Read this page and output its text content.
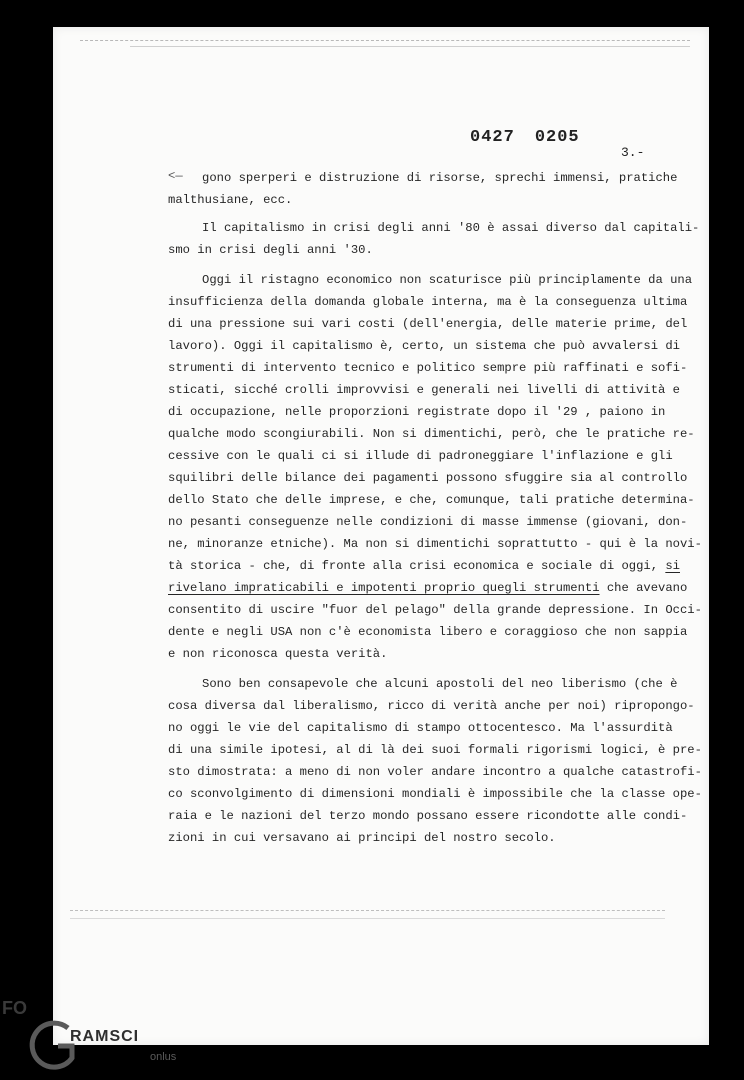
0427 0205
3.-
gono sperperi e distruzione di risorse, sprechi immensi, pratiche
malthusiane, ecc.
Il capitalismo in crisi degli anni '80 è assai diverso dal capitali-
smo in crisi degli anni '30.
Oggi il ristagno economico non scaturisce più principlamente da una
insufficienza della domanda globale interna, ma è la conseguenza ultima
di una pressione sui vari costi (dell'energia, delle materie prime, del
lavoro). Oggi il capitalismo è, certo, un sistema che può avvalersi di
strumenti di intervento tecnico e politico sempre più raffinati e sofi-
sticati, sicché crolli improvvisi e generali nei livelli di attività e
di occupazione, nelle proporzioni registrate dopo il '29 , paiono in
qualche modo scongiurabili. Non si dimentichi, però, che le pratiche re-
cessive con le quali ci si illude di padroneggiare l'inflazione e gli
squilibri delle bilance dei pagamenti possono sfuggire sia al controllo
dello Stato che delle imprese, e che, comunque, tali pratiche determina-
no pesanti conseguenze nelle condizioni di masse immense (giovani, don-
ne, minoranze etniche). Ma non si dimentichi soprattutto - qui è la novi-
tà storica - che, di fronte alla crisi economica e sociale di oggi, si
rivelano impraticabili e impotenti proprio quegli strumenti che avevano
consentito di uscire "fuor del pelago" della grande depressione. In Occi-
dente e negli USA non c'è economista libero e coraggioso che non sappia
e non riconosca questa verità.
Sono ben consapevole che alcuni apostoli del neo liberismo (che è
cosa diversa dal liberalismo, ricco di verità anche per noi) ripropongo-
no oggi le vie del capitalismo di stampo ottocentesco. Ma l'assurdità
di una simile ipotesi, al di là dei suoi formali rigorismi logici, è pre-
sto dimostrata: a meno di non voler andare incontro a qualche catastrofi-
co sconvolgimento di dimensioni mondiali è impossibile che la classe ope-
raia e le nazioni del terzo mondo possano essere ricondotte alle condi-
zioni in cui versavano ai principi del nostro secolo.
<—
FO
RAMSCI
onlus
